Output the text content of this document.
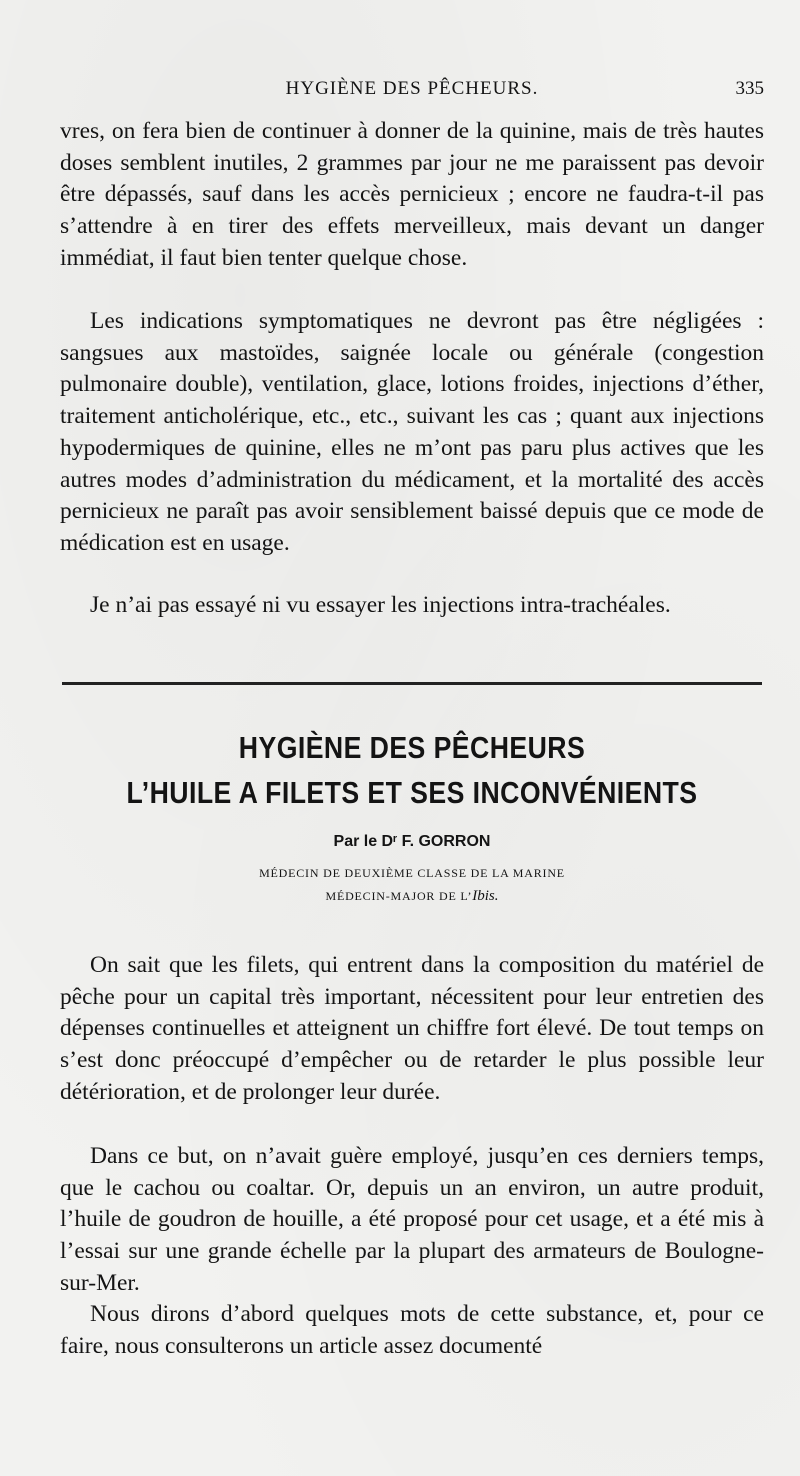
HYGIÈNE DES PÊCHEURS.	335

vres, on fera bien de continuer à donner de la quinine, mais de très hautes doses semblent inutiles, 2 grammes par jour ne me paraissent pas devoir être dépassés, sauf dans les accès pernicieux ; encore ne faudra-t-il pas s’attendre à en tirer des effets merveilleux, mais devant un danger immédiat, il faut bien tenter quelque chose.

Les indications symptomatiques ne devront pas être négligées : sangsues aux mastoïdes, saignée locale ou générale (congestion pulmonaire double), ventilation, glace, lotions froides, injections d’éther, traitement anticholérique, etc., etc., suivant les cas ; quant aux injections hypodermiques de quinine, elles ne m’ont pas paru plus actives que les autres modes d’administration du médicament, et la mortalité des accès pernicieux ne paraît pas avoir sensiblement baissé depuis que ce mode de médication est en usage.

Je n’ai pas essayé ni vu essayer les injections intra-trachéales.

HYGIÈNE DES PÊCHEURS
L’HUILE A FILETS ET SES INCONVÉNIENTS
Par le Dʳ F. GORRON
MÉDECIN DE DEUXIÈME CLASSE DE LA MARINE
MÉDECIN-MAJOR DE L’Ibis.

On sait que les filets, qui entrent dans la composition du matériel de pêche pour un capital très important, nécessitent pour leur entretien des dépenses continuelles et atteignent un chiffre fort élevé. De tout temps on s’est donc préoccupé d’empêcher ou de retarder le plus possible leur détérioration, et de prolonger leur durée.

Dans ce but, on n’avait guère employé, jusqu’en ces derniers temps, que le cachou ou coaltar. Or, depuis un an environ, un autre produit, l’huile de goudron de houille, a été proposé pour cet usage, et a été mis à l’essai sur une grande échelle par la plupart des armateurs de Boulogne-sur-Mer.

Nous dirons d’abord quelques mots de cette substance, et, pour ce faire, nous consulterons un article assez documenté
